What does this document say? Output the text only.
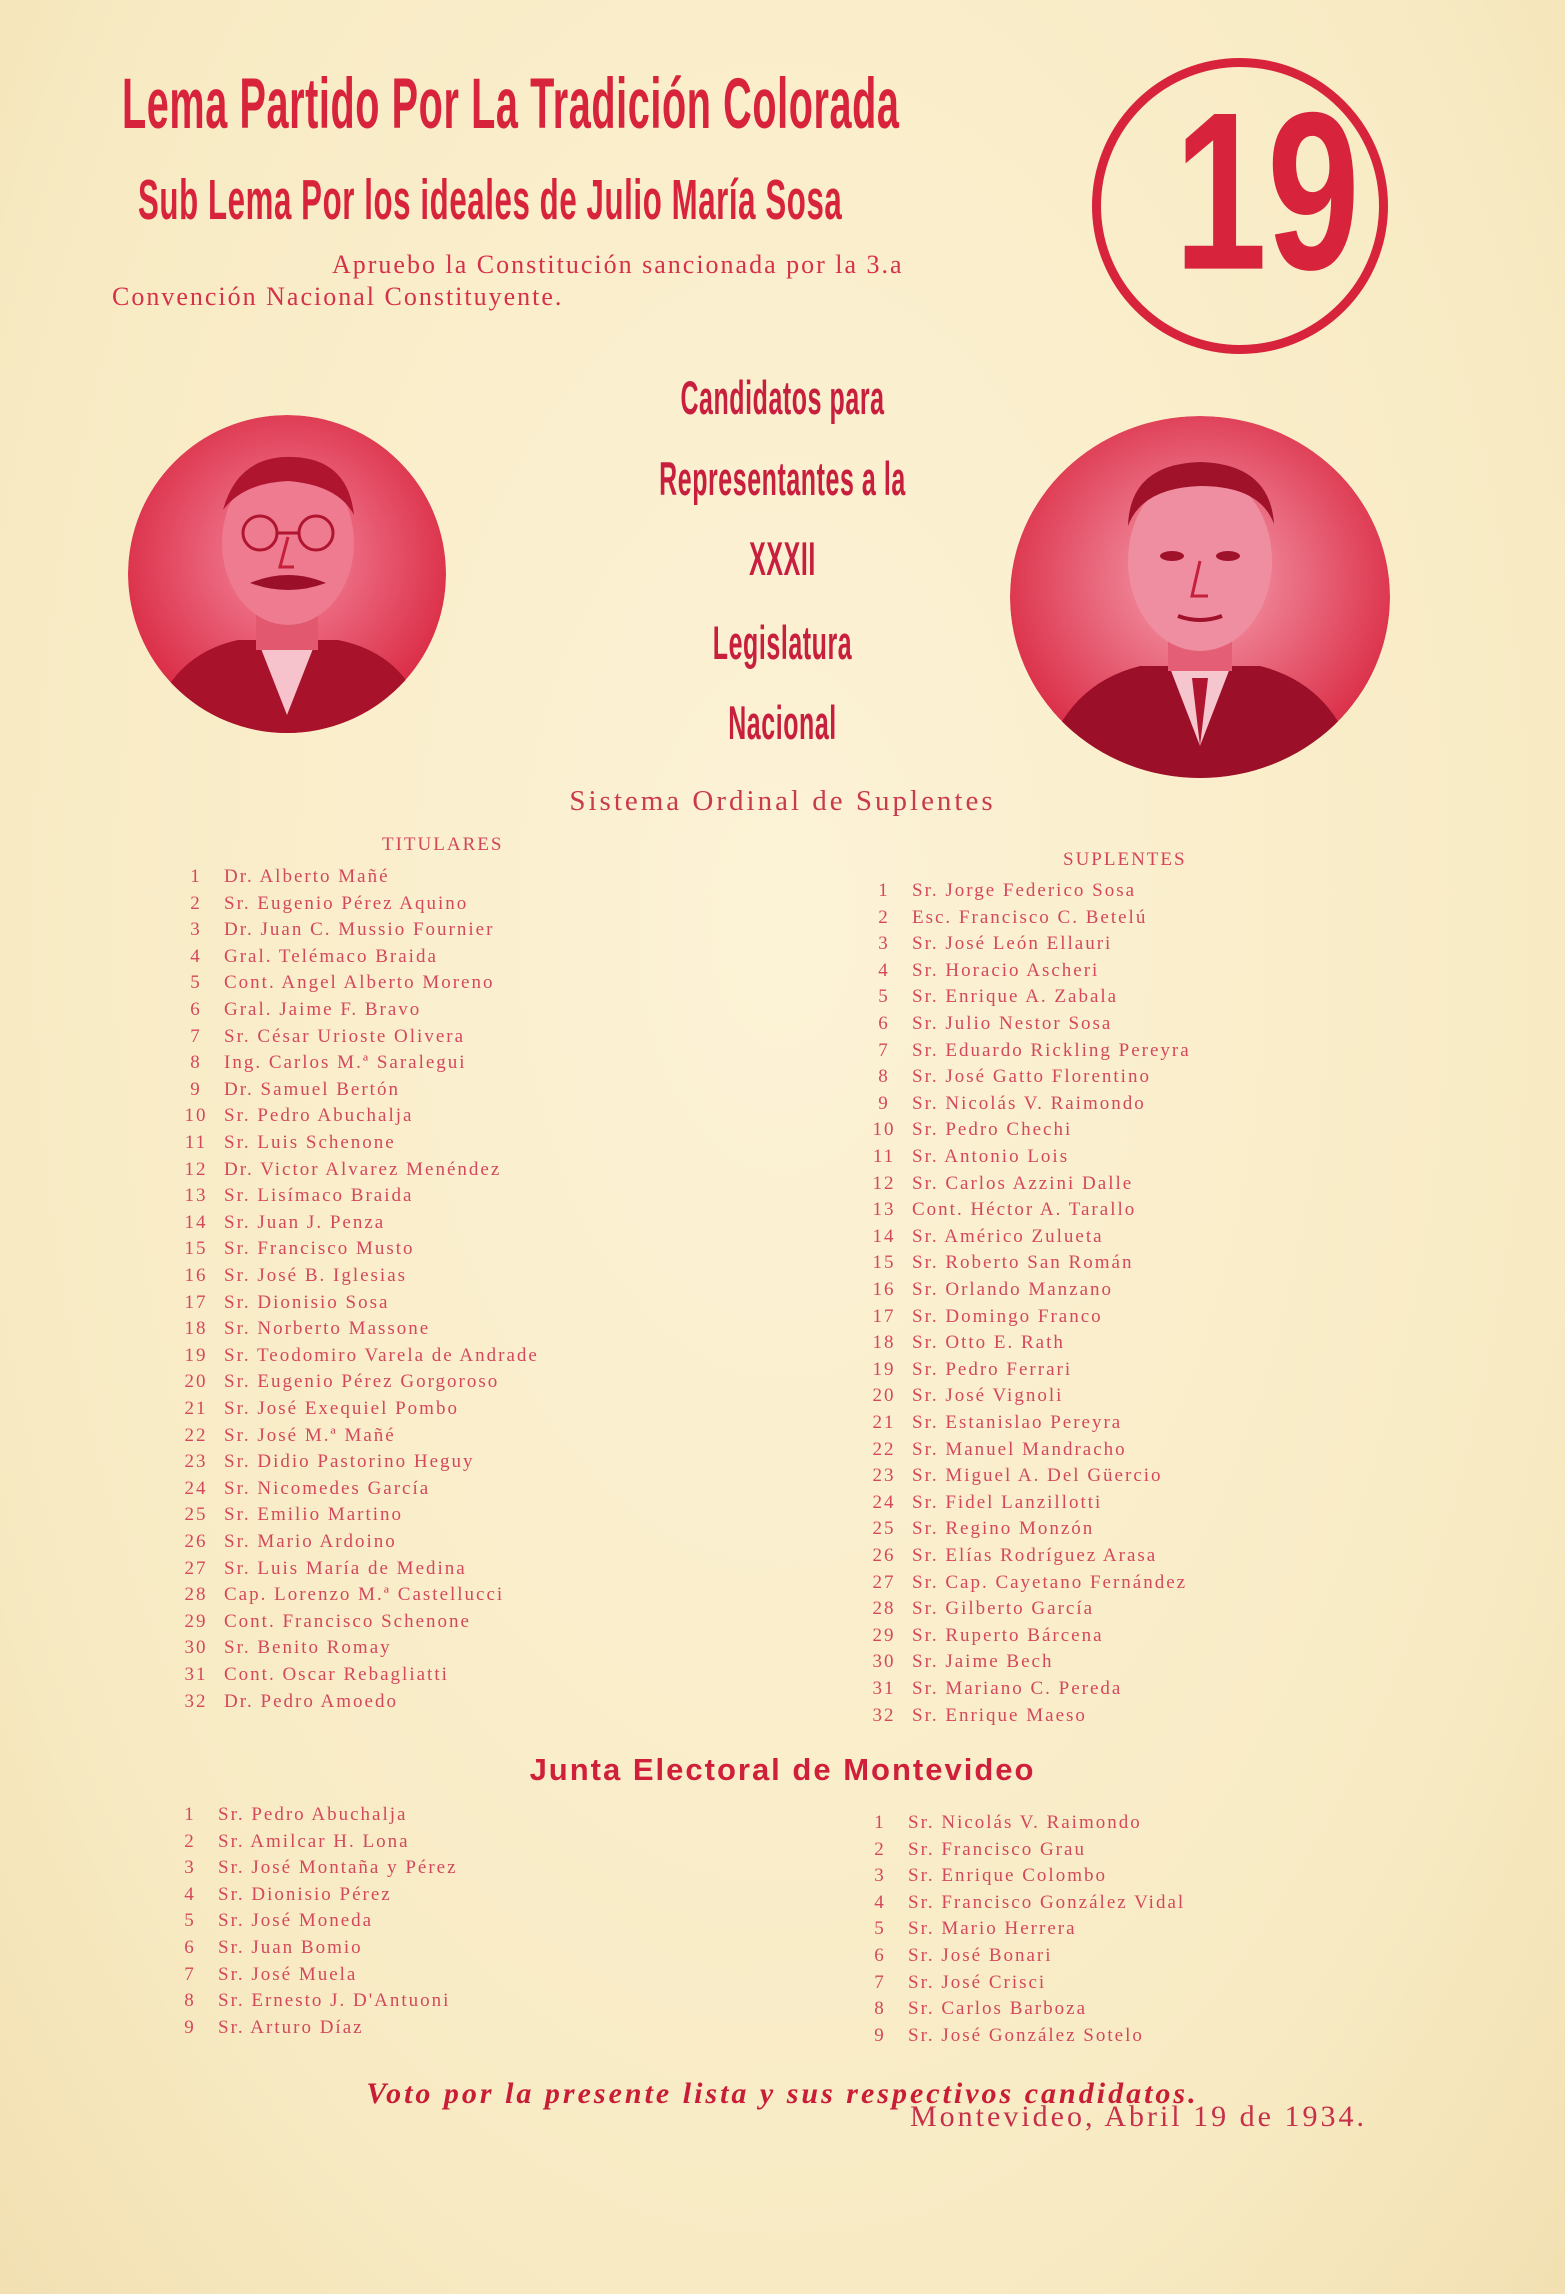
Lema Partido Por La Tradición Colorada
Sub Lema Por los ideales de Julio María Sosa
Apruebo la Constitución sancionada por la 3.a
Convención Nacional Constituyente.	19
Candidatos para
Representantes a la
XXXII
Legislatura
Nacional
Sistema Ordinal de Suplentes
TITULARES
SUPLENTES
1 Dr. Alberto Mañé
2 Sr. Eugenio Pérez Aquino
3 Dr. Juan C. Mussio Fournier
4 Gral. Telémaco Braida
5 Cont. Angel Alberto Moreno
6 Gral. Jaime F. Bravo
7 Sr. César Urioste Olivera
8 Ing. Carlos M.ª Saralegui
9 Dr. Samuel Bertón
10 Sr. Pedro Abuchalja
11 Sr. Luis Schenone
12 Dr. Victor Alvarez Menéndez
13 Sr. Lisímaco Braida
14 Sr. Juan J. Penza
15 Sr. Francisco Musto
16 Sr. José B. Iglesias
17 Sr. Dionisio Sosa
18 Sr. Norberto Massone
19 Sr. Teodomiro Varela de Andrade
20 Sr. Eugenio Pérez Gorgoroso
21 Sr. José Exequiel Pombo
22 Sr. José M.ª Mañé
23 Sr. Didio Pastorino Heguy
24 Sr. Nicomedes García
25 Sr. Emilio Martino
26 Sr. Mario Ardoino
27 Sr. Luis María de Medina
28 Cap. Lorenzo M.ª Castellucci
29 Cont. Francisco Schenone
30 Sr. Benito Romay
31 Cont. Oscar Rebagliatti
32 Dr. Pedro Amoedo
1 Sr. Jorge Federico Sosa
2 Esc. Francisco C. Betelú
3 Sr. José León Ellauri
4 Sr. Horacio Ascheri
5 Sr. Enrique A. Zabala
6 Sr. Julio Nestor Sosa
7 Sr. Eduardo Rickling Pereyra
8 Sr. José Gatto Florentino
9 Sr. Nicolás V. Raimondo
10 Sr. Pedro Chechi
11 Sr. Antonio Lois
12 Sr. Carlos Azzini Dalle
13 Cont. Héctor A. Tarallo
14 Sr. Américo Zulueta
15 Sr. Roberto San Román
16 Sr. Orlando Manzano
17 Sr. Domingo Franco
18 Sr. Otto E. Rath
19 Sr. Pedro Ferrari
20 Sr. José Vignoli
21 Sr. Estanislao Pereyra
22 Sr. Manuel Mandracho
23 Sr. Miguel A. Del Güercio
24 Sr. Fidel Lanzillotti
25 Sr. Regino Monzón
26 Sr. Elías Rodríguez Arasa
27 Sr. Cap. Cayetano Fernández
28 Sr. Gilberto García
29 Sr. Ruperto Bárcena
30 Sr. Jaime Bech
31 Sr. Mariano C. Pereda
32 Sr. Enrique Maeso
Junta Electoral de Montevideo
1 Sr. Pedro Abuchalja
2 Sr. Amilcar H. Lona
3 Sr. José Montaña y Pérez
4 Sr. Dionisio Pérez
5 Sr. José Moneda
6 Sr. Juan Bomio
7 Sr. José Muela
8 Sr. Ernesto J. D'Antuoni
9 Sr. Arturo Díaz
1 Sr. Nicolás V. Raimondo
2 Sr. Francisco Grau
3 Sr. Enrique Colombo
4 Sr. Francisco González Vidal
5 Sr. Mario Herrera
6 Sr. José Bonari
7 Sr. José Crisci
8 Sr. Carlos Barboza
9 Sr. José González Sotelo
Voto por la presente lista y sus respectivos candidatos.
Montevideo, Abril 19 de 1934.
